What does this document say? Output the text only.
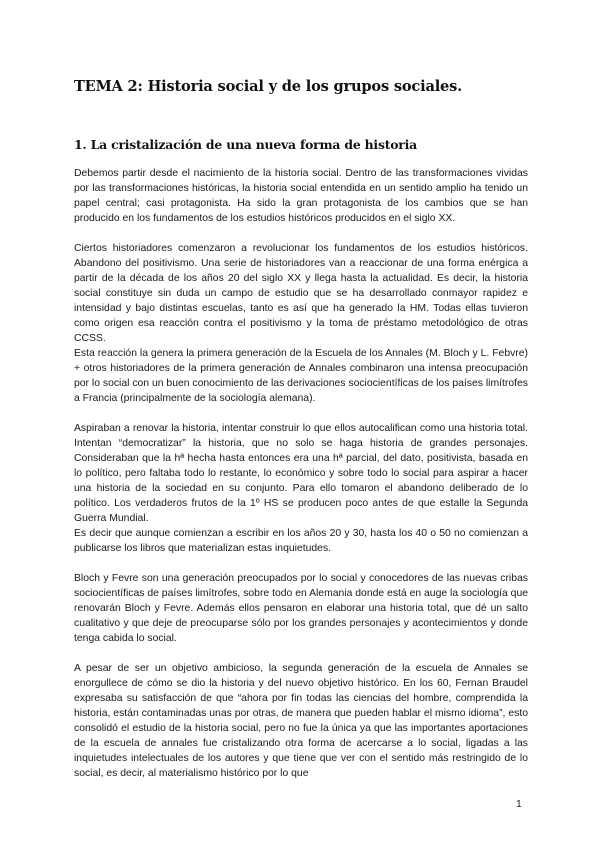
TEMA 2: Historia social y de los grupos sociales.
1. La cristalización de una nueva forma de historia

Debemos partir desde el nacimiento de la historia social. Dentro de las transformaciones vividas por las transformaciones históricas, la historia social entendida en un sentido amplio ha tenido un papel central; casi protagonista. Ha sido la gran protagonista de los cambios que se han producido en los fundamentos de los estudios históricos producidos en el siglo XX.

Ciertos historiadores comenzaron a revolucionar los fundamentos de los estudios históricos. Abandono del positivismo. Una serie de historiadores van a reaccionar de una forma enérgica a partir de la década de los años 20 del siglo XX y llega hasta la actualidad. Es decir, la historia social constituye sin duda un campo de estudio que se ha desarrollado conmayor rapidez e intensidad y bajo distintas escuelas, tanto es así que ha generado la HM. Todas ellas tuvieron como origen esa reacción contra el positivismo y la toma de préstamo metodológico de otras CCSS.

Esta reacción la genera la primera generación de la Escuela de los Annales (M. Bloch y L. Febvre) + otros historiadores de la primera generación de Annales combinaron una intensa preocupación por lo social con un buen conocimiento de las derivaciones sociocientíficas de los países limítrofes a Francia (principalmente de la sociología alemana).

Aspiraban a renovar la historia, intentar construir lo que ellos autocalifican como una historia total. Intentan “democratizar” la historia, que no solo se haga historia de grandes personajes. Consideraban que la hª hecha hasta entonces era una hª parcial, del dato, positivista, basada en lo político, pero faltaba todo lo restante, lo económico y sobre todo lo social para aspirar a hacer una historia de la sociedad en su conjunto. Para ello tomaron el abandono deliberado de lo político. Los verdaderos frutos de la 1º HS se producen poco antes de que estalle la Segunda Guerra Mundial.

Es decir que aunque comienzan a escribir en los años 20 y 30, hasta los 40 o 50 no comienzan a publicarse los libros que materializan estas inquietudes.

Bloch y Fevre son una generación preocupados por lo social y conocedores de las nuevas cribas sociocientíficas de países limítrofes, sobre todo en Alemania donde está en auge la sociología que renovarán Bloch y Fevre. Además ellos pensaron en elaborar una historia total, que dé un salto cualitativo y que deje de preocuparse sólo por los grandes personajes y acontecimientos y donde tenga cabida lo social.

A pesar de ser un objetivo ambicioso, la segunda generación de la escuela de Annales se enorgullece de cómo se dio la historia y del nuevo objetivo histórico. En los 60, Fernan Braudel expresaba su satisfacción de que “ahora por fin todas las ciencias del hombre, comprendida la historia, están contaminadas unas por otras, de manera que pueden hablar el mismo idioma”, esto consolidó el estudio de la historia social, pero no fue la única ya que las importantes aportaciones de la escuela de annales fue cristalizando otra forma de acercarse a lo social, ligadas a las inquietudes intelectuales de los autores y que tiene que ver con el sentido más restringido de lo social, es decir, al materialismo histórico por lo que

1
